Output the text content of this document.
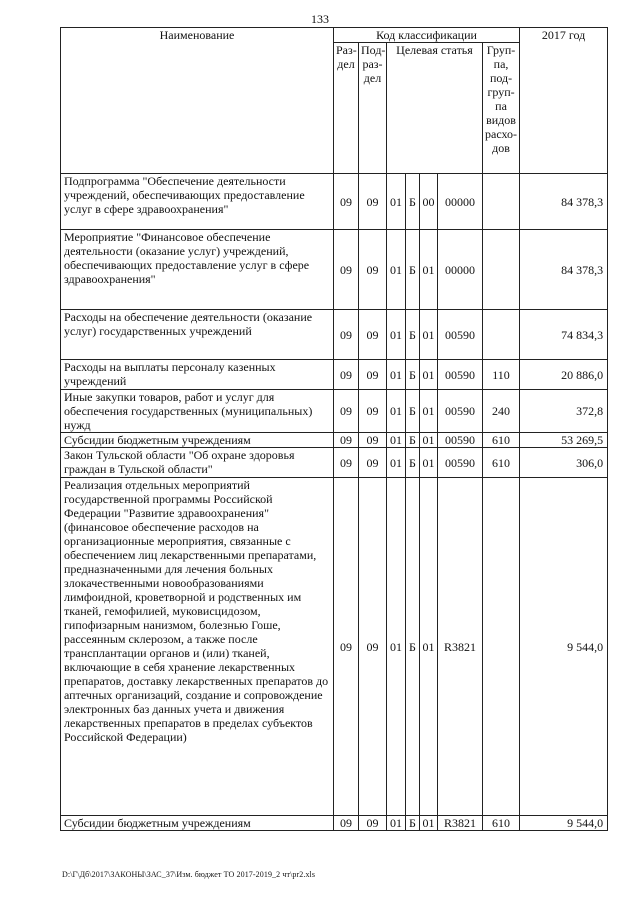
133
Наименование	Код классификации							2017 год
	Раз-дел	Под-раз-дел	Целевая статья				Груп-па, под-груп-па видов расхо-дов	
Подпрограмма "Обеспечение деятельности учреждений, обеспечивающих предоставление услуг в сфере здравоохранения"	09	09	01	Б	00	00000		84 378,3
Мероприятие "Финансовое обеспечение деятельности (оказание услуг) учреждений, обеспечивающих предоставление услуг в сфере здравоохранения"	09	09	01	Б	01	00000		84 378,3
Расходы на обеспечение деятельности (оказание услуг) государственных учреждений	09	09	01	Б	01	00590		74 834,3
Расходы на выплаты персоналу казенных учреждений	09	09	01	Б	01	00590	110	20 886,0
Иные закупки товаров, работ и услуг для обеспечения государственных (муниципальных) нужд	09	09	01	Б	01	00590	240	372,8
Субсидии бюджетным учреждениям	09	09	01	Б	01	00590	610	53 269,5
Закон Тульской области "Об охране здоровья граждан в Тульской области"	09	09	01	Б	01	00590	610	306,0
Реализация отдельных мероприятий государственной программы Российской Федерации "Развитие здравоохранения" (финансовое обеспечение расходов на организационные мероприятия, связанные с обеспечением лиц лекарственными препаратами, предназначенными для лечения больных злокачественными новообразованиями лимфоидной, кроветворной и родственных им тканей, гемофилией, муковисцидозом, гипофизарным нанизмом, болезнью Гоше, рассеянным склерозом, а также после трансплантации органов и (или) тканей, включающие в себя хранение лекарственных препаратов, доставку лекарственных препаратов до аптечных организаций, создание и сопровождение электронных баз данных учета и движения лекарственных препаратов в пределах субъектов Российской Федерации)	09	09	01	Б	01	R3821		9 544,0
Субсидии бюджетным учреждениям	09	09	01	Б	01	R3821	610	9 544,0
D:\Г\Дб\2017\ЗАКОНЫ\ЗАС_37\Изм. бюджет ТО 2017-2019_2 чт\pr2.xls
